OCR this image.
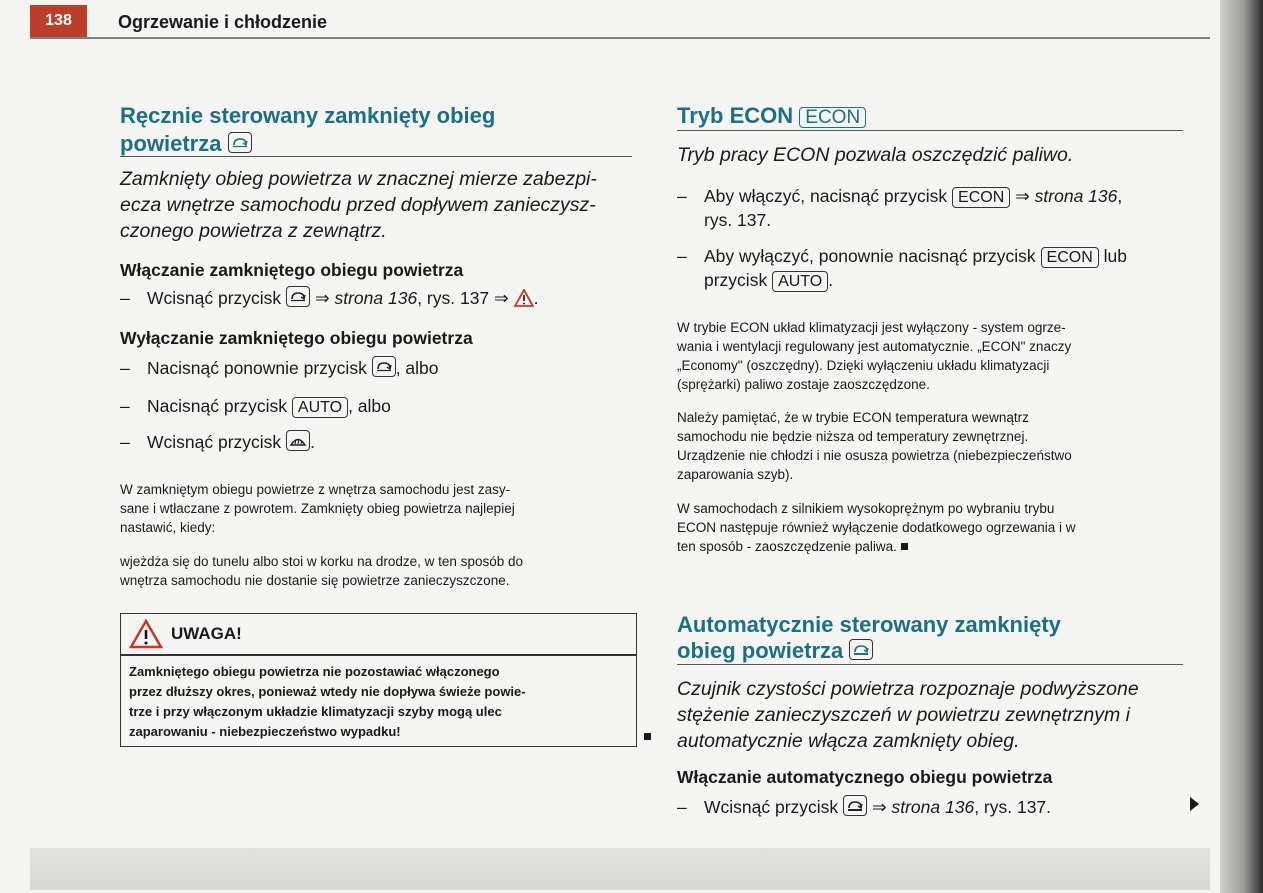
138	Ogrzewanie i chłodzenie

Ręcznie sterowany zamknięty obieg

powietrza

Zamknięty obieg powietrza w znacznej mierze zabezpi-

ecza wnętrze samochodu przed dopływem zanieczysz-

czonego powietrza z zewnątrz.

Włączanie zamkniętego obiegu powietrza

– Wcisnąć przycisk ⇒ strona 136, rys. 137 ⇒ .

Wyłączanie zamkniętego obiegu powietrza

– Nacisnąć ponownie przycisk , albo

– Nacisnąć przycisk AUTO , albo

– Wcisnąć przycisk .

W zamkniętym obiegu powietrze z wnętrza samochodu jest zasy-

sane i wtłaczane z powrotem. Zamknięty obieg powietrza najlepiej

nastawić, kiedy:

wjeżdża się do tunelu albo stoi w korku na drodze, w ten sposób do

wnętrza samochodu nie dostanie się powietrze zanieczyszczone.

UWAGA!
Zamkniętego obiegu powietrza nie pozostawiać włączonego
przez dłuższy okres, ponieważ wtedy nie dopływa świeże powie-
trze i przy włączonym układzie klimatyzacji szyby mogą ulec
zaparowaniu - niebezpieczeństwo wypadku!

Tryb ECON ECON

Tryb pracy ECON pozwala oszczędzić paliwo.

– Aby włączyć, nacisnąć przycisk ECON ⇒ strona 136,

rys. 137.

– Aby wyłączyć, ponownie nacisnąć przycisk ECON lub

przycisk AUTO .

W trybie ECON układ klimatyzacji jest wyłączony - system ogrze-

wania i wentylacji regulowany jest automatycznie. „ECON" znaczy

„Economy" (oszczędny). Dzięki wyłączeniu układu klimatyzacji

(sprężarki) paliwo zostaje zaoszczędzone.

Należy pamiętać, że w trybie ECON temperatura wewnątrz

samochodu nie będzie niższa od temperatury zewnętrznej.

Urządzenie nie chłodzi i nie osusza powietrza (niebezpieczeństwo

zaparowania szyb).

W samochodach z silnikiem wysokoprężnym po wybraniu trybu

ECON następuje również wyłączenie dodatkowego ogrzewania i w

ten sposób - zaoszczędzenie paliwa.

Automatycznie sterowany zamknięty

obieg powietrza

Czujnik czystości powietrza rozpoznaje podwyższone

stężenie zanieczyszczeń w powietrzu zewnętrznym i

automatycznie włącza zamknięty obieg.

Włączanie automatycznego obiegu powietrza

– Wcisnąć przycisk ⇒ strona 136, rys. 137.
